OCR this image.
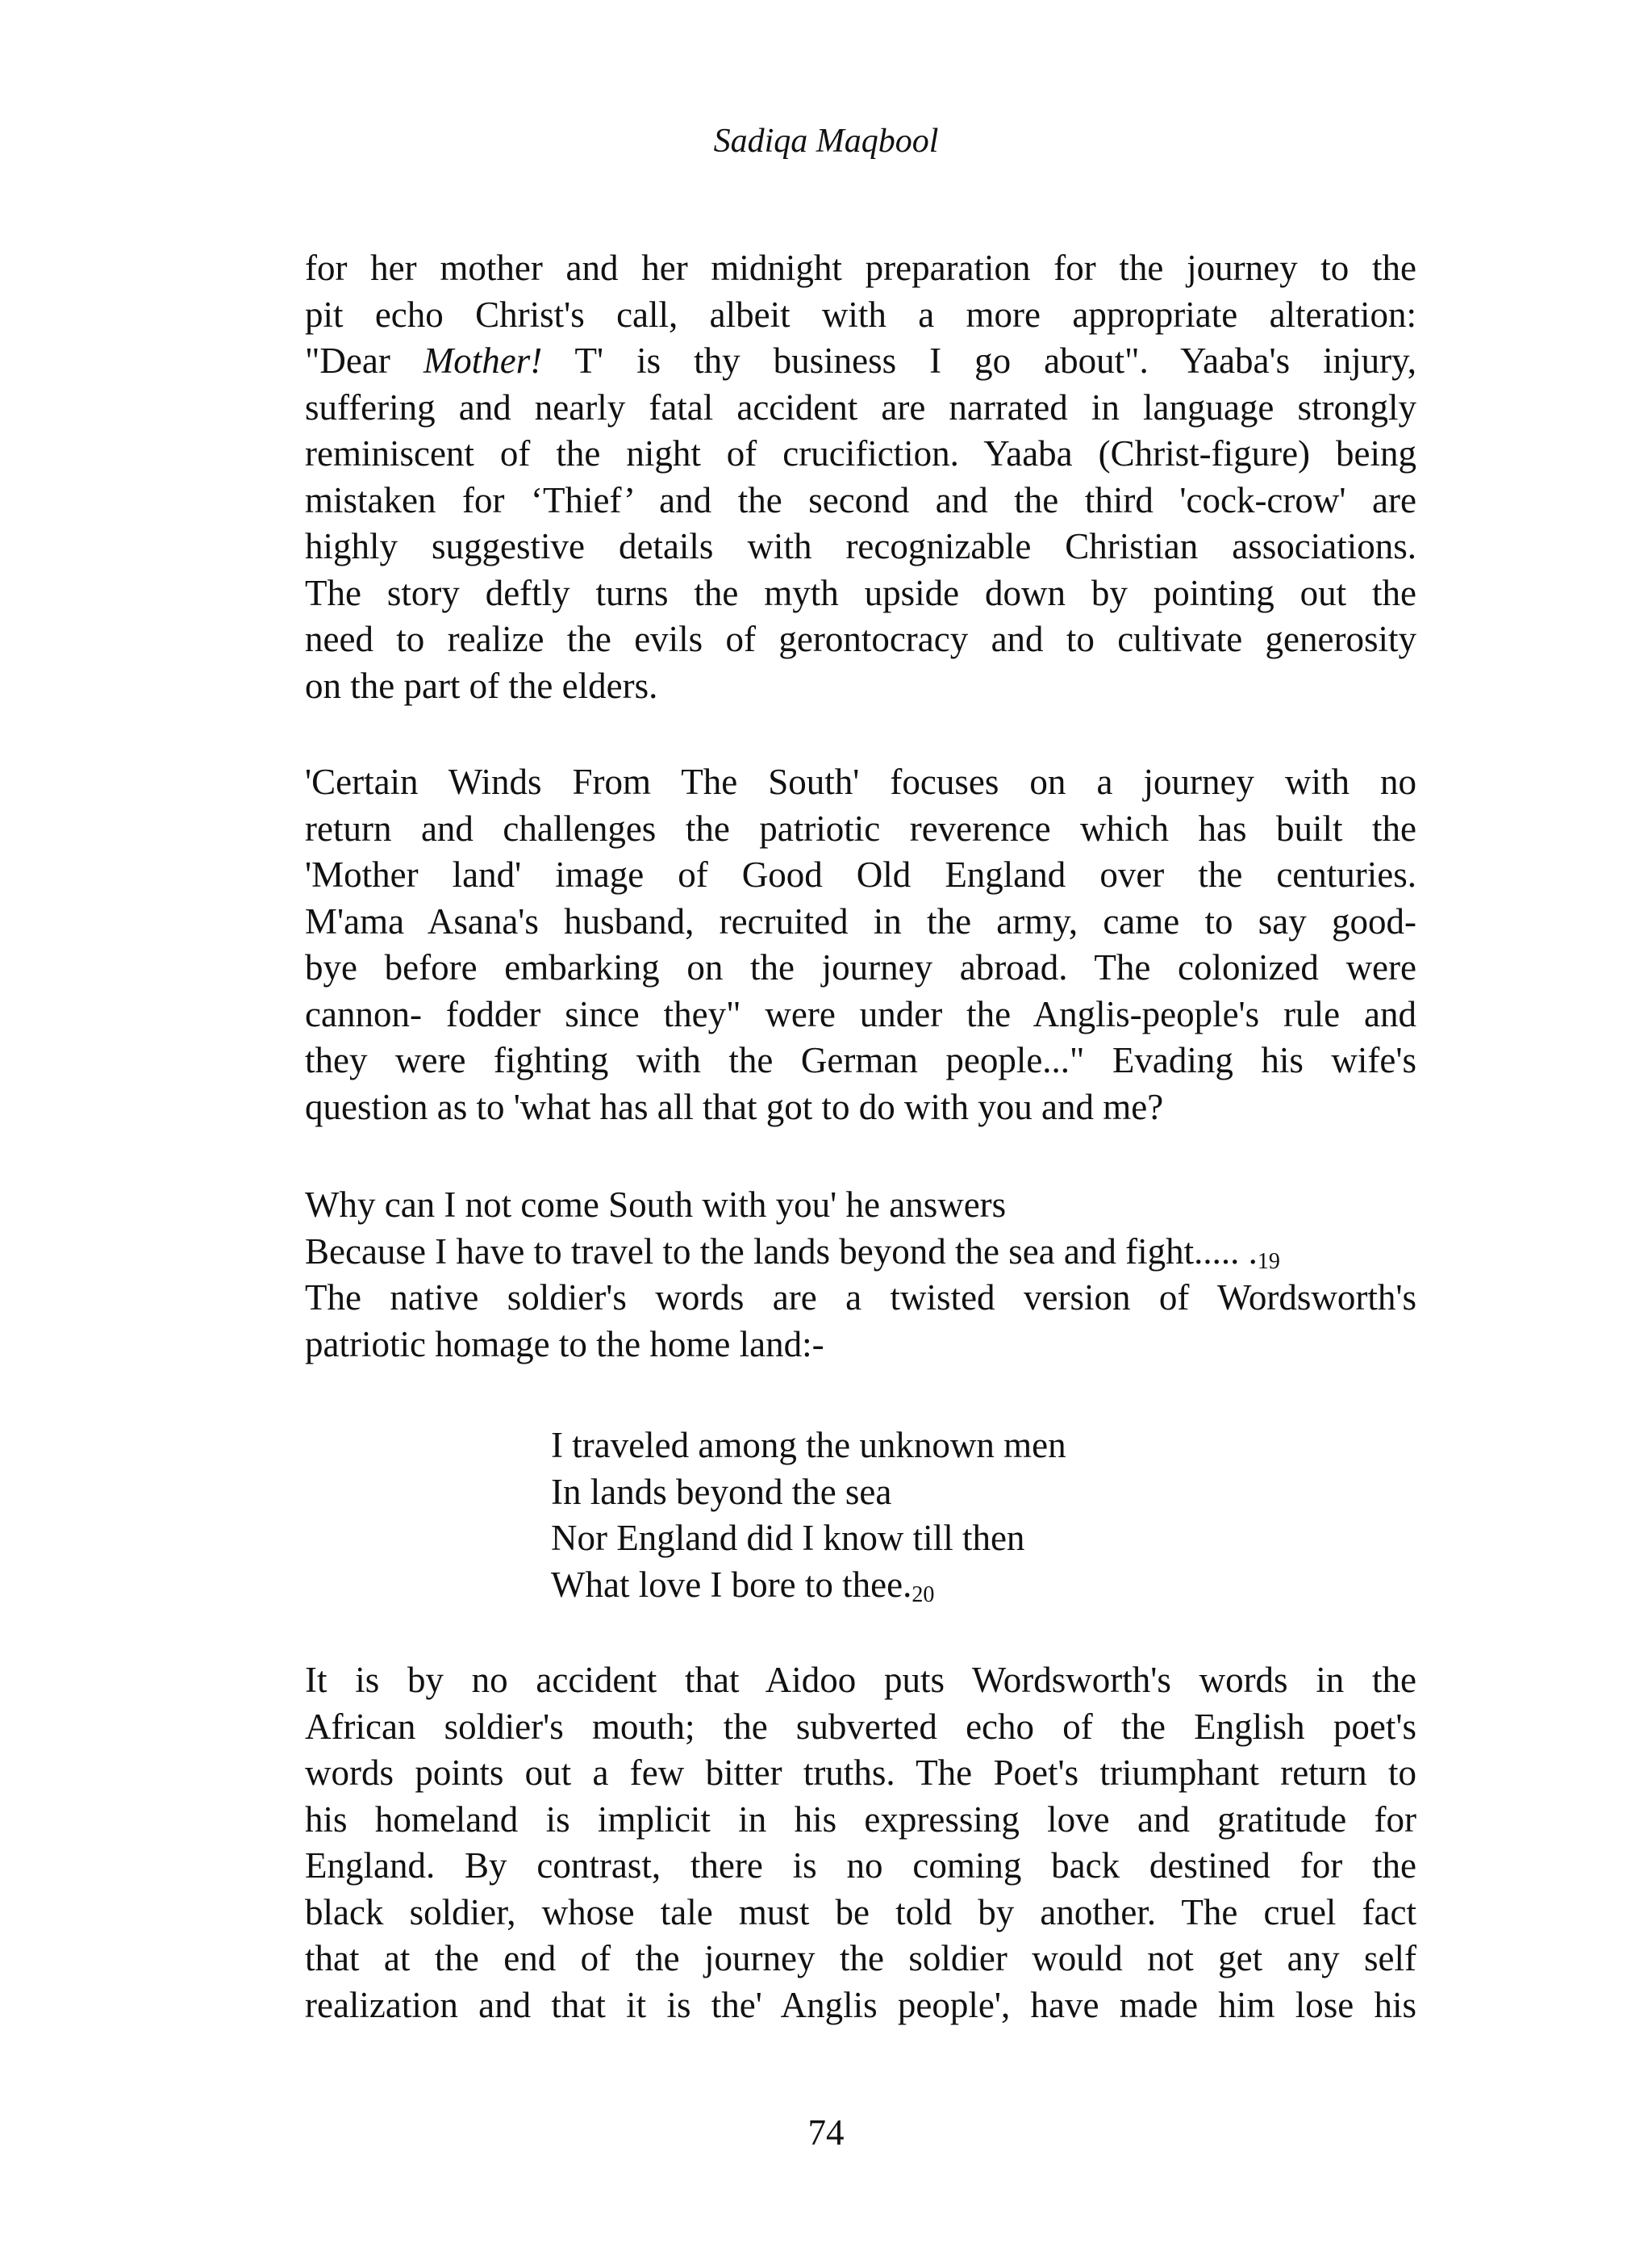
Sadiqa Maqbool
for her mother and her midnight preparation for the journey to the
pit echo Christ's call, albeit with a more appropriate alteration:
"Dear Mother! T' is thy business I go about". Yaaba's injury,
suffering and nearly fatal accident are narrated in language strongly
reminiscent of the night of crucifiction. Yaaba (Christ-figure) being
mistaken for ‘Thief’ and the second and the third 'cock-crow' are
highly suggestive details with recognizable Christian associations.
The story deftly turns the myth upside down by pointing out the
need to realize the evils of gerontocracy and to cultivate generosity
on the part of the elders.
'Certain Winds From The South' focuses on a journey with no
return and challenges the patriotic reverence which has built the
'Mother land' image of Good Old England over the centuries.
M'ama Asana's husband, recruited in the army, came to say good-
bye before embarking on the journey abroad. The colonized were
cannon- fodder since they" were under the Anglis-people's rule and
they were fighting with the German people..." Evading his wife's
question as to 'what has all that got to do with you and me?
Why can I not come South with you' he answers
Because I have to travel to the lands beyond the sea and fight..... $._{19}$
The native soldier's words are a twisted version of Wordsworth's
patriotic homage to the home land:-
I traveled among the unknown men
In lands beyond the sea
Nor England did I know till then
What love I bore to $thee._{20}$
It is by no accident that Aidoo puts Wordsworth's words in the
African soldier's mouth; the subverted echo of the English poet's
words points out a few bitter truths. The Poet's triumphant return to
his homeland is implicit in his expressing love and gratitude for
England. By contrast, there is no coming back destined for the
black soldier, whose tale must be told by another. The cruel fact
that at the end of the journey the soldier would not get any self
realization and that it is the' Anglis people', have made him lose his
74
